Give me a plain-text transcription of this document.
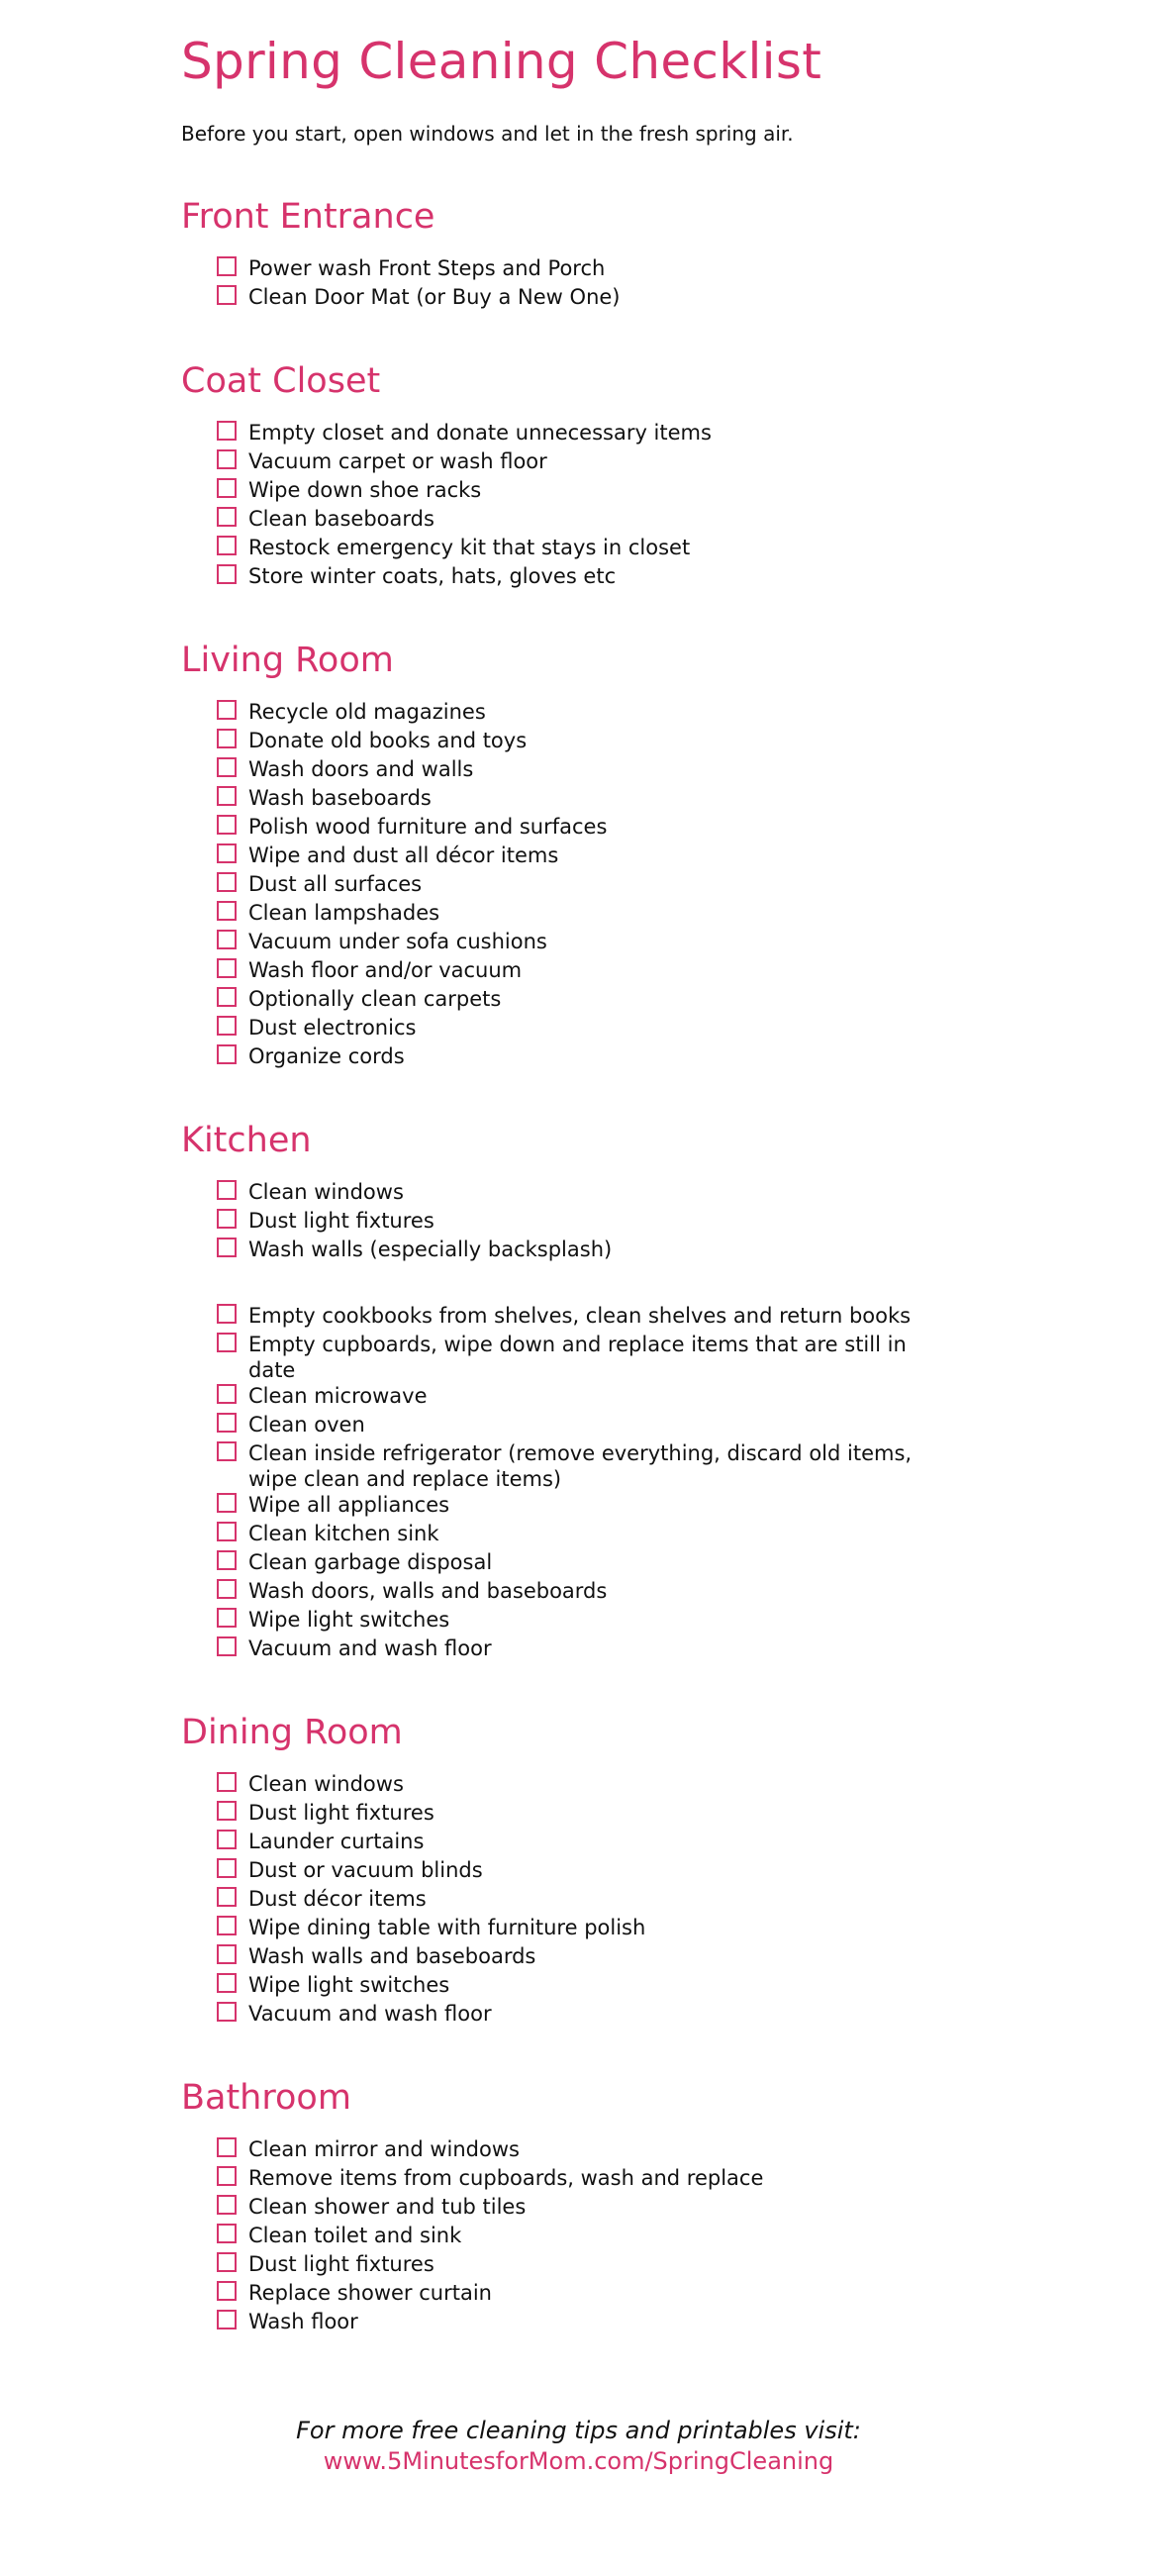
Spring Cleaning Checklist
Before you start, open windows and let in the fresh spring air.
Front Entrance
Power wash Front Steps and Porch
Clean Door Mat (or Buy a New One)
Coat Closet
Empty closet and donate unnecessary items
Vacuum carpet or wash floor
Wipe down shoe racks
Clean baseboards
Restock emergency kit that stays in closet
Store winter coats, hats, gloves etc
Living Room
Recycle old magazines
Donate old books and toys
Wash doors and walls
Wash baseboards
Polish wood furniture and surfaces
Wipe and dust all décor items
Dust all surfaces
Clean lampshades
Vacuum under sofa cushions
Wash floor and/or vacuum
Optionally clean carpets
Dust electronics
Organize cords
Kitchen
Clean windows
Dust light fixtures
Wash walls (especially backsplash)
Empty cookbooks from shelves, clean shelves and return books
Empty cupboards, wipe down and replace items that are still in date
Clean microwave
Clean oven
Clean inside refrigerator (remove everything, discard old items, wipe clean and replace items)
Wipe all appliances
Clean kitchen sink
Clean garbage disposal
Wash doors, walls and baseboards
Wipe light switches
Vacuum and wash floor
Dining Room
Clean windows
Dust light fixtures
Launder curtains
Dust or vacuum blinds
Dust décor items
Wipe dining table with furniture polish
Wash walls and baseboards
Wipe light switches
Vacuum and wash floor
Bathroom
Clean mirror and windows
Remove items from cupboards, wash and replace
Clean shower and tub tiles
Clean toilet and sink
Dust light fixtures
Replace shower curtain
Wash floor
For more free cleaning tips and printables visit:
www.5MinutesforMom.com/SpringCleaning
